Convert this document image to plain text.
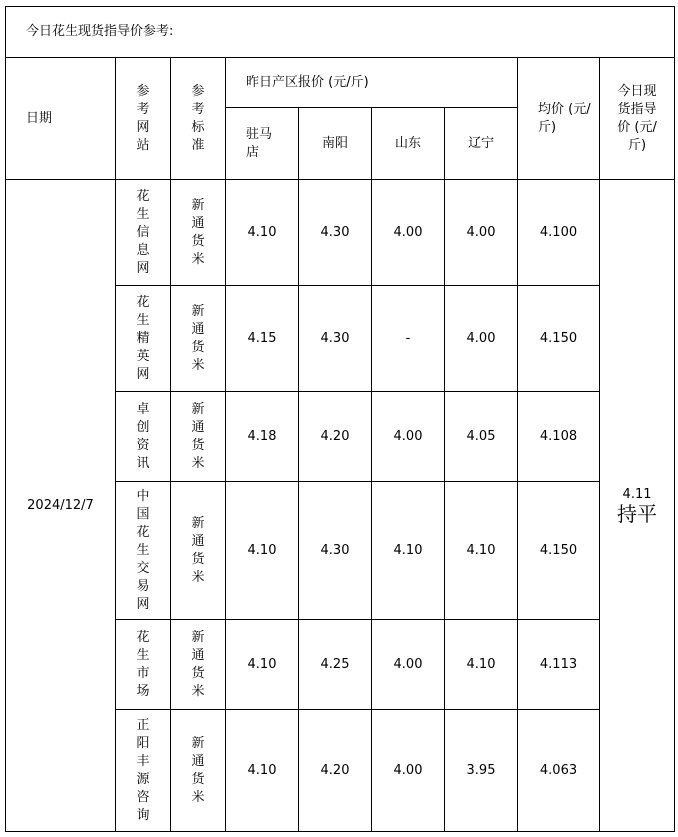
今日花生现货指导价参考:								
日期	参考网站	参考标准	昨日产区报价 (元/斤)				均价 (元/斤)	今日现货指导价 (元/斤)

			驻马店	南阳	山东	辽宁		
2024/12/7	花生信息网	新通货米	4.10	4.30	4.00	4.00	4.100	4.11
持平

	花生精英网	新通货米	4.15	4.30	-	4.00	4.150	

	卓创资讯	新通货米	4.18	4.20	4.00	4.05	4.108	

	中国花生交易网	新通货米	4.10	4.30	4.10	4.10	4.150	

	花生市场	新通货米	4.10	4.25	4.00	4.10	4.113	

	正阳丰源咨询	新通货米	4.10	4.20	4.00	3.95	4.063	
